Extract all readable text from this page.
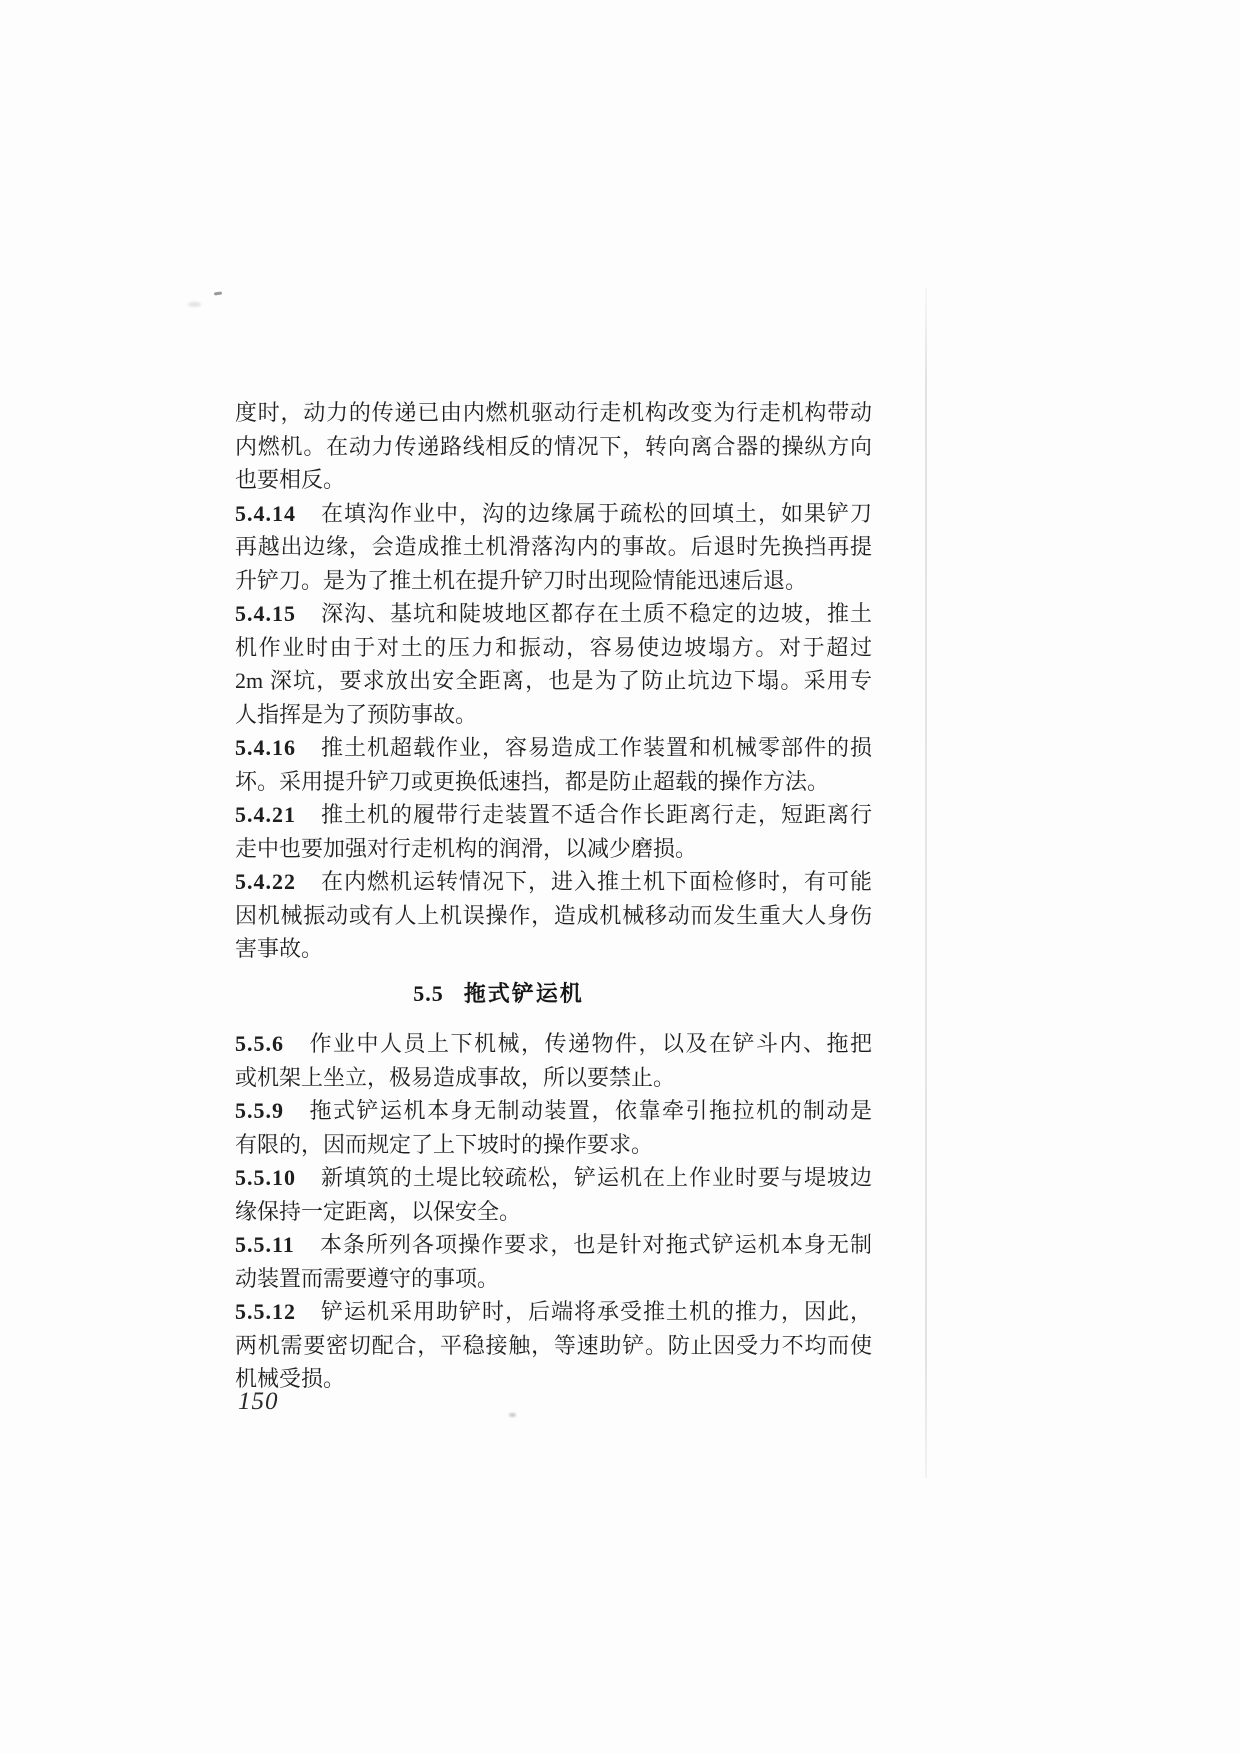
度时，动力的传递已由内燃机驱动行走机构改变为行走机构带动
内燃机。在动力传递路线相反的情况下，转向离合器的操纵方向
也要相反。
5.4.14 在填沟作业中，沟的边缘属于疏松的回填土，如果铲刀
再越出边缘，会造成推土机滑落沟内的事故。后退时先换挡再提
升铲刀。是为了推土机在提升铲刀时出现险情能迅速后退。
5.4.15 深沟、基坑和陡坡地区都存在土质不稳定的边坡，推土
机作业时由于对土的压力和振动，容易使边坡塌方。对于超过
2m 深坑，要求放出安全距离，也是为了防止坑边下塌。采用专
人指挥是为了预防事故。
5.4.16 推土机超载作业，容易造成工作装置和机械零部件的损
坏。采用提升铲刀或更换低速挡，都是防止超载的操作方法。
5.4.21 推土机的履带行走装置不适合作长距离行走，短距离行
走中也要加强对行走机构的润滑，以减少磨损。
5.4.22 在内燃机运转情况下，进入推土机下面检修时，有可能
因机械振动或有人上机误操作，造成机械移动而发生重大人身伤
害事故。
5.5 拖式铲运机
5.5.6 作业中人员上下机械，传递物件，以及在铲斗内、拖把
或机架上坐立，极易造成事故，所以要禁止。
5.5.9 拖式铲运机本身无制动装置，依靠牵引拖拉机的制动是
有限的，因而规定了上下坡时的操作要求。
5.5.10 新填筑的土堤比较疏松，铲运机在上作业时要与堤坡边
缘保持一定距离，以保安全。
5.5.11 本条所列各项操作要求，也是针对拖式铲运机本身无制
动装置而需要遵守的事项。
5.5.12 铲运机采用助铲时，后端将承受推土机的推力，因此，
两机需要密切配合，平稳接触，等速助铲。防止因受力不均而使
机械受损。
150
